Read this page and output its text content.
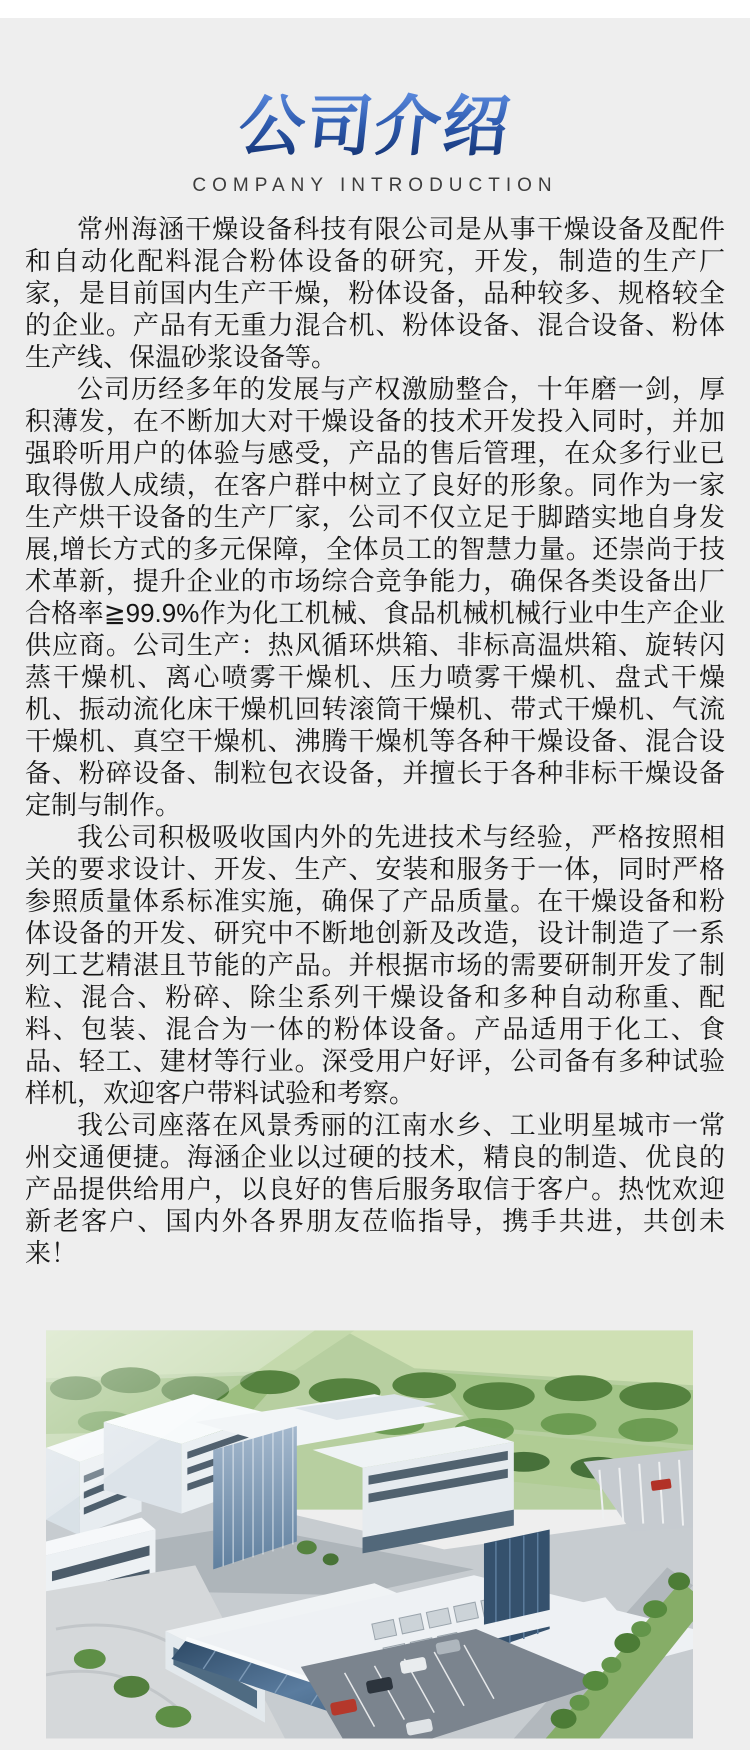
公司介绍
COMPANY INTRODUCTION

常州海涵干燥设备科技有限公司是从事干燥设备及配件和自动化配料混合粉体设备的研究，开发，制造的生产厂家，是目前国内生产干燥，粉体设备，品种较多、规格较全的企业。产品有无重力混合机、粉体设备、混合设备、粉体生产线、保温砂浆设备等。

公司历经多年的发展与产权激励整合，十年磨一剑，厚积薄发，在不断加大对干燥设备的技术开发投入同时，并加强聆听用户的体验与感受，产品的售后管理，在众多行业已取得傲人成绩，在客户群中树立了良好的形象。同作为一家生产烘干设备的生产厂家，公司不仅立足于脚踏实地自身发展,增长方式的多元保障，全体员工的智慧力量。还崇尚于技术革新，提升企业的市场综合竞争能力，确保各类设备出厂合格率≧99.9%作为化工机械、食品机械机械行业中生产企业供应商。公司生产：热风循环烘箱、非标高温烘箱、旋转闪蒸干燥机、离心喷雾干燥机、压力喷雾干燥机、盘式干燥机、振动流化床干燥机回转滚筒干燥机、带式干燥机、气流干燥机、真空干燥机、沸腾干燥机等各种干燥设备、混合设备、粉碎设备、制粒包衣设备，并擅长于各种非标干燥设备定制与制作。

我公司积极吸收国内外的先进技术与经验，严格按照相关的要求设计、开发、生产、安装和服务于一体，同时严格参照质量体系标准实施，确保了产品质量。在干燥设备和粉体设备的开发、研究中不断地创新及改造，设计制造了一系列工艺精湛且节能的产品。并根据市场的需要研制开发了制粒、混合、粉碎、除尘系列干燥设备和多种自动称重、配料、包装、混合为一体的粉体设备。产品适用于化工、食品、轻工、建材等行业。深受用户好评，公司备有多种试验样机，欢迎客户带料试验和考察。

我公司座落在风景秀丽的江南水乡、工业明星城市一常州交通便捷。海涵企业以过硬的技术，精良的制造、优良的产品提供给用户，以良好的售后服务取信于客户。热忱欢迎新老客户、国内外各界朋友莅临指导，携手共进，共创未来！
